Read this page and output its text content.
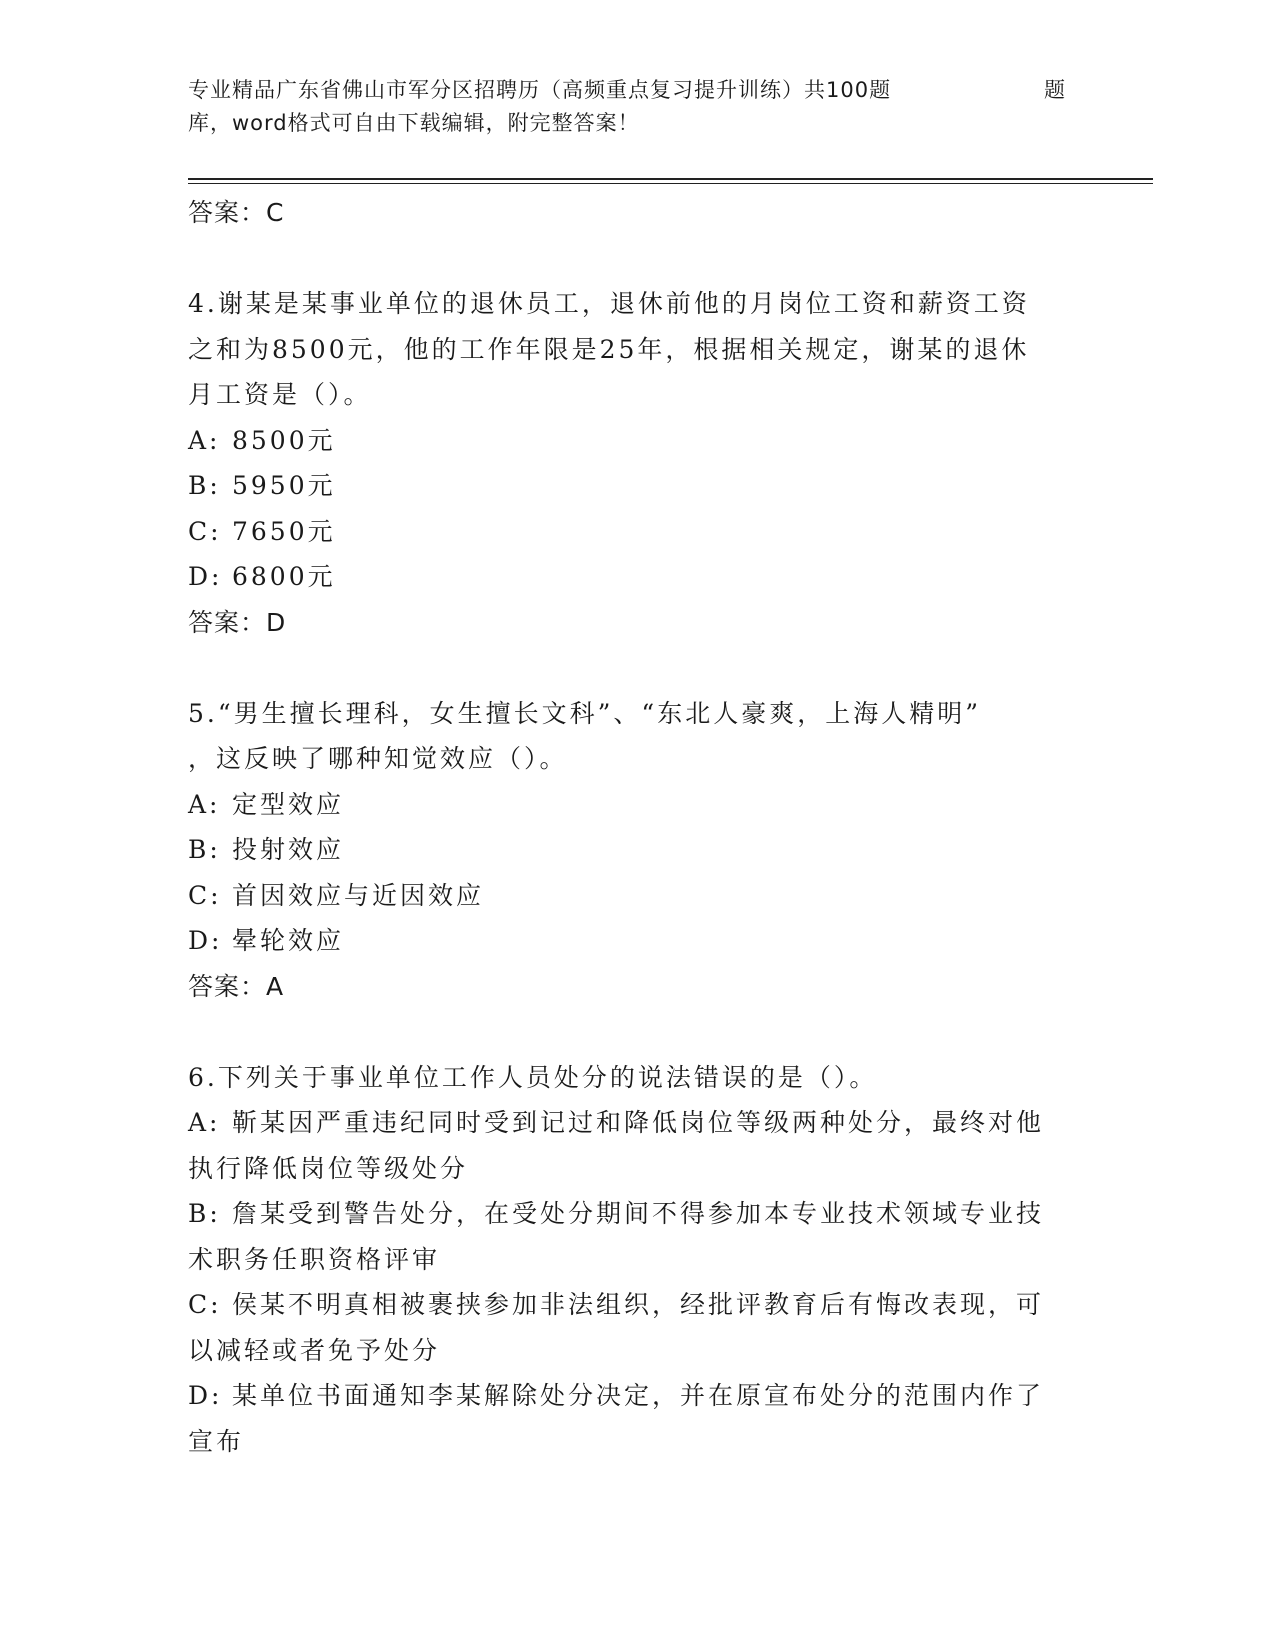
专业精品广东省佛山市军分区招聘历（高频重点复习提升训练）共100题	题
库，word格式可自由下载编辑，附完整答案！
答案：C
4.谢某是某事业单位的退休员工，退休前他的月岗位工资和薪资工资
之和为8500元，他的工作年限是25年，根据相关规定，谢某的退休
月工资是（）。
A: 8500元
B: 5950元
C: 7650元
D: 6800元
答案：D
5.“男生擅长理科，女生擅长文科”、“东北人豪爽，上海人精明”
，这反映了哪种知觉效应（）。
A: 定型效应
B: 投射效应
C: 首因效应与近因效应
D: 晕轮效应
答案：A
6.下列关于事业单位工作人员处分的说法错误的是（）。
A: 靳某因严重违纪同时受到记过和降低岗位等级两种处分，最终对他
执行降低岗位等级处分
B: 詹某受到警告处分，在受处分期间不得参加本专业技术领域专业技
术职务任职资格评审
C: 侯某不明真相被裹挟参加非法组织，经批评教育后有悔改表现，可
以减轻或者免予处分
D: 某单位书面通知李某解除处分决定，并在原宣布处分的范围内作了
宣布
